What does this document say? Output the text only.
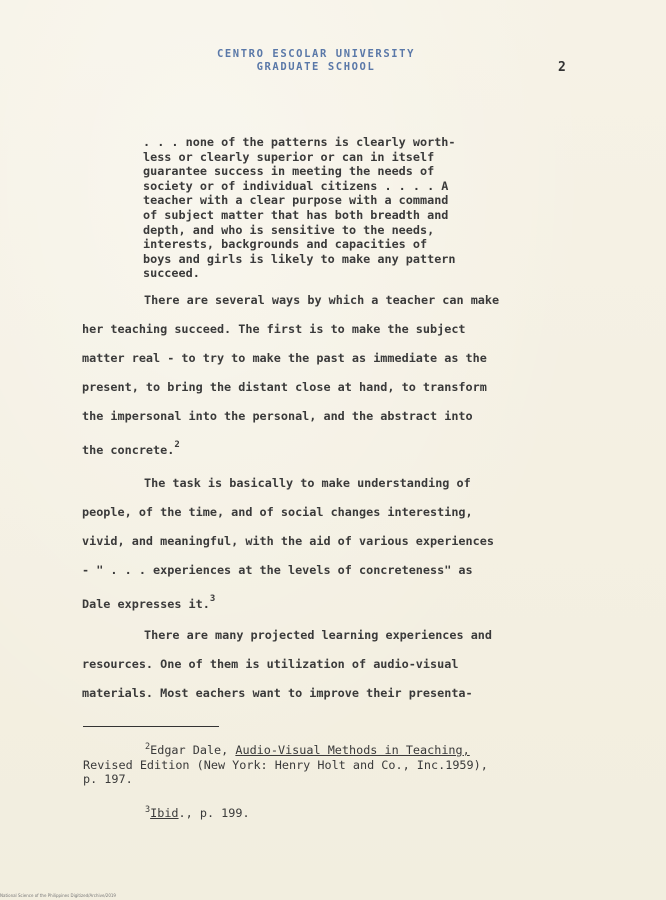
CENTRO ESCOLAR UNIVERSITY
GRADUATE SCHOOL	2
. . . none of the patterns is clearly worth-
less or clearly superior or can in itself
guarantee success in meeting the needs of
society or of individual citizens . . . . A
teacher with a clear purpose with a command
of subject matter that has both breadth and
depth, and who is sensitive to the needs,
interests, backgrounds and capacities of
boys and girls is likely to make any pattern
succeed.
There are several ways by which a teacher can make
her teaching succeed. The first is to make the subject
matter real - to try to make the past as immediate as the
present, to bring the distant close at hand, to transform
the impersonal into the personal, and the abstract into
the concrete.$^2$
The task is basically to make understanding of
people, of the time, and of social changes interesting,
vivid, and meaningful, with the aid of various experiences
- " . . . experiences at the levels of concreteness" as
Dale expresses it.$^3$
There are many projected learning experiences and
resources. One of them is utilization of audio-visual
materials. Most eachers want to improve their presenta-
$^2$Edgar Dale, Audio-Visual Methods in Teaching,
Revised Edition (New York: Henry Holt and Co., Inc.1959),
p. 197.
$^3$Ibid., p. 199.
National Science of the Philippines Digitized/Archive/2019
